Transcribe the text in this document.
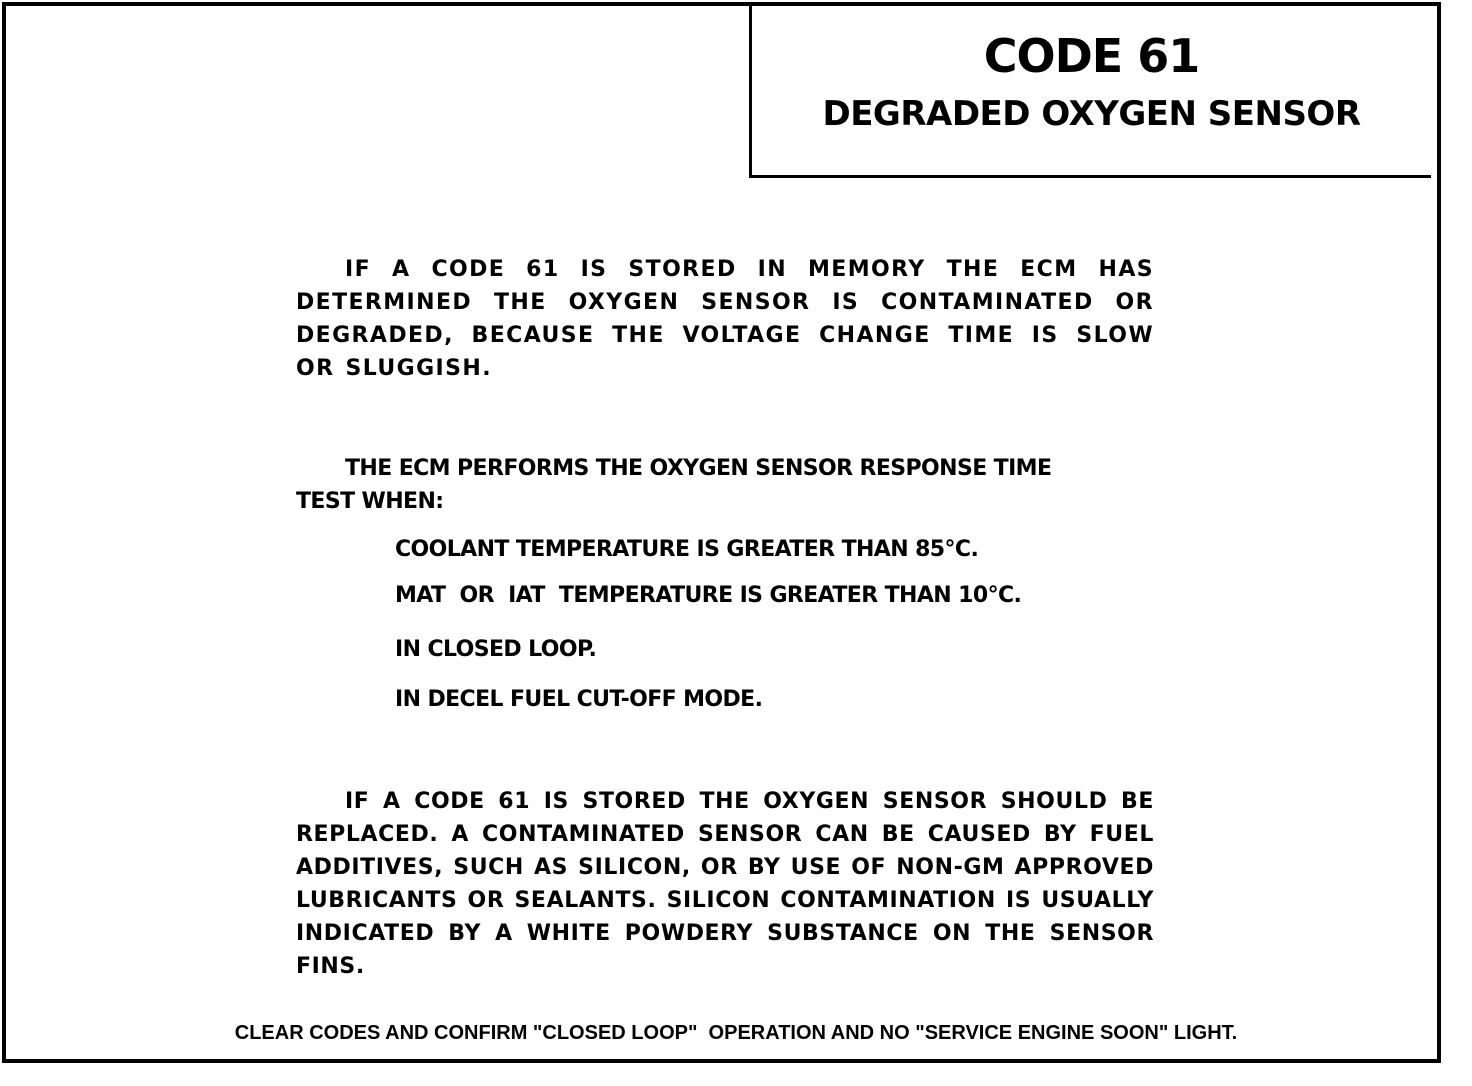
CODE 61
DEGRADED OXYGEN SENSOR

IF A CODE 61 IS STORED IN MEMORY THE ECM HAS DETERMINED THE OXYGEN SENSOR IS CONTAMINATED OR DEGRADED, BECAUSE THE VOLTAGE CHANGE TIME IS SLOW OR SLUGGISH.

THE ECM PERFORMS THE OXYGEN SENSOR RESPONSE TIME TEST WHEN:

COOLANT TEMPERATURE IS GREATER THAN 85°C.
MAT  OR  IAT  TEMPERATURE IS GREATER THAN 10°C.
IN CLOSED LOOP.
IN DECEL FUEL CUT-OFF MODE.

IF A CODE 61 IS STORED THE OXYGEN SENSOR SHOULD BE REPLACED. A CONTAMINATED SENSOR CAN BE CAUSED BY FUEL ADDITIVES, SUCH AS SILICON, OR BY USE OF NON-GM APPROVED LUBRICANTS OR SEALANTS. SILICON CONTAMINATION IS USUALLY INDICATED BY A WHITE POWDERY SUBSTANCE ON THE SENSOR FINS.

CLEAR CODES AND CONFIRM "CLOSED LOOP"  OPERATION AND NO "SERVICE ENGINE SOON" LIGHT.
